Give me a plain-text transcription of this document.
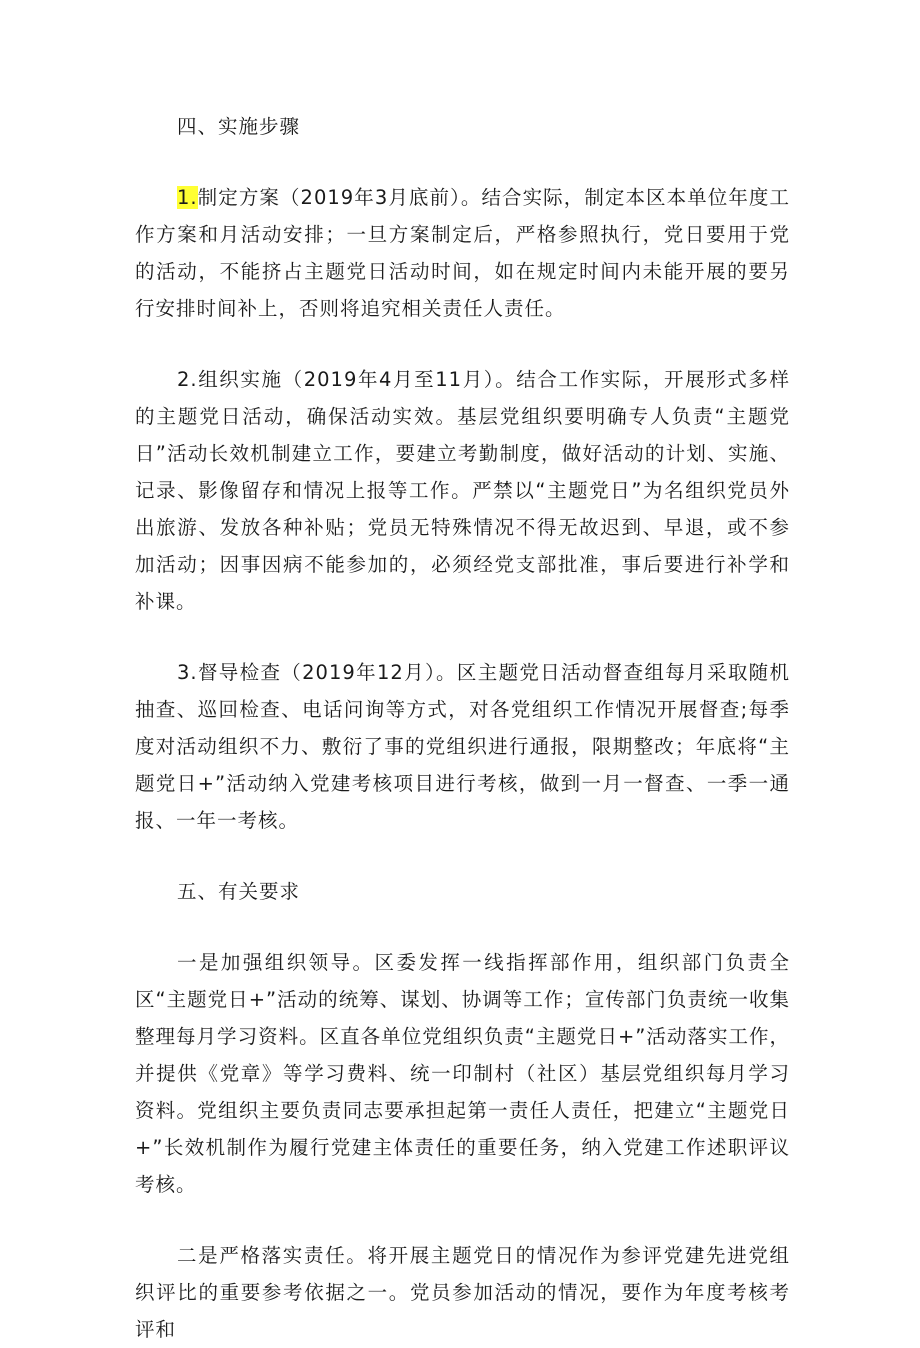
四、实施步骤

1.制定方案（2019年3月底前）。结合实际，制定本区本单位年度工作方案和月活动安排；一旦方案制定后，严格参照执行，党日要用于党的活动，不能挤占主题党日活动时间，如在规定时间内未能开展的要另行安排时间补上，否则将追究相关责任人责任。

2.组织实施（2019年4月至11月）。结合工作实际，开展形式多样的主题党日活动，确保活动实效。基层党组织要明确专人负责“主题党日”活动长效机制建立工作，要建立考勤制度，做好活动的计划、实施、记录、影像留存和情况上报等工作。严禁以“主题党日”为名组织党员外出旅游、发放各种补贴；党员无特殊情况不得无故迟到、早退，或不参加活动；因事因病不能参加的，必须经党支部批准，事后要进行补学和补课。

3.督导检查（2019年12月）。区主题党日活动督查组每月采取随机抽查、巡回检查、电话问询等方式，对各党组织工作情况开展督查;每季度对活动组织不力、敷衍了事的党组织进行通报，限期整改；年底将“主题党日+”活动纳入党建考核项目进行考核，做到一月一督查、一季一通报、一年一考核。

五、有关要求

一是加强组织领导。区委发挥一线指挥部作用，组织部门负责全区“主题党日+”活动的统筹、谋划、协调等工作；宣传部门负责统一收集整理每月学习资料。区直各单位党组织负责“主题党日+”活动落实工作，并提供《党章》等学习费料、统一印制村（社区）基层党组织每月学习资料。党组织主要负责同志要承担起第一责任人责任，把建立“主题党日+”长效机制作为履行党建主体责任的重要任务，纳入党建工作述职评议考核。

二是严格落实责任。将开展主题党日的情况作为参评党建先进党组织评比的重要参考依据之一。党员参加活动的情况，要作为年度考核考评和
